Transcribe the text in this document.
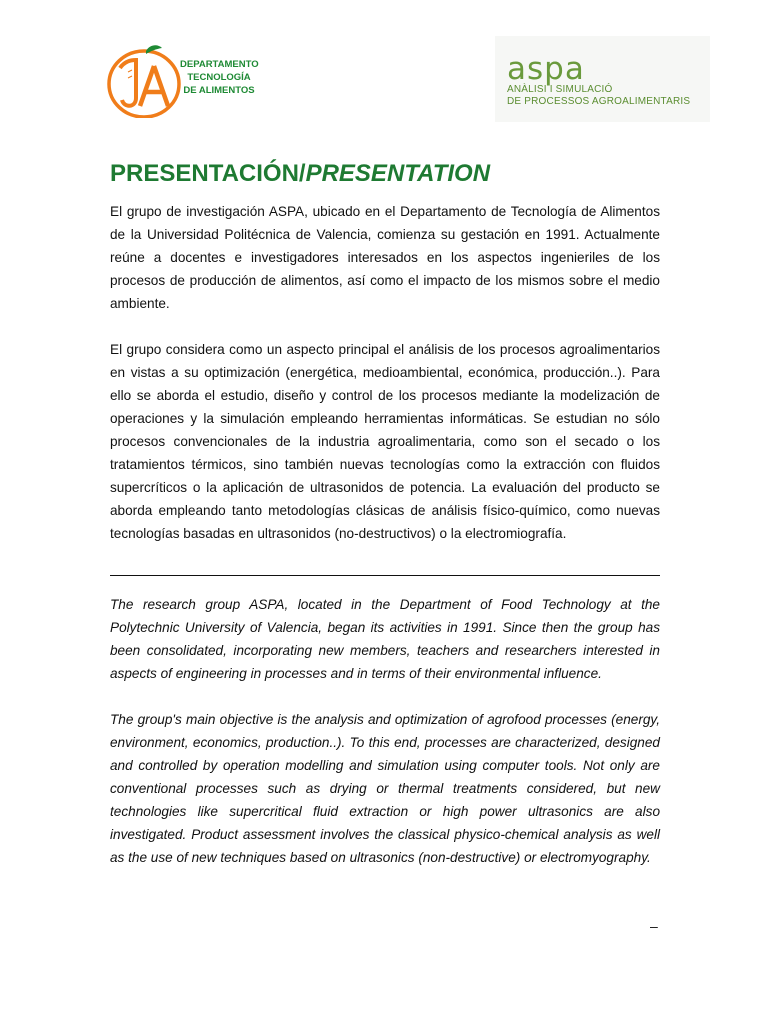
DEPARTAMENTO
TECNOLOGÍA
DE ALIMENTOS
aspa
ANÀLISI I SIMULACIÓ
DE PROCESSOS AGROALIMENTARIS
PRESENTACIÓN/PRESENTATION

El grupo de investigación ASPA, ubicado en el Departamento de Tecnología de Alimentos de la Universidad Politécnica de Valencia, comienza su gestación en 1991. Actualmente reúne a docentes e investigadores interesados en los aspectos ingenieriles de los procesos de producción de alimentos, así como el impacto de los mismos sobre el medio ambiente.

El grupo considera como un aspecto principal el análisis de los procesos agroalimentarios en vistas a su optimización (energética, medioambiental, económica, producción..). Para ello se aborda el estudio, diseño y control de los procesos mediante la modelización de operaciones y la simulación empleando herramientas informáticas. Se estudian no sólo procesos convencionales de la industria agroalimentaria, como son el secado o los tratamientos térmicos, sino también nuevas tecnologías como la extracción con fluidos supercríticos o la aplicación de ultrasonidos de potencia. La evaluación del producto se aborda empleando tanto metodologías clásicas de análisis físico-químico, como nuevas tecnologías basadas en ultrasonidos (no-destructivos) o la electromiografía.

The research group ASPA, located in the Department of Food Technology at the Polytechnic University of Valencia, began its activities in 1991. Since then the group has been consolidated, incorporating new members, teachers and researchers interested in aspects of engineering in processes and in terms of their environmental influence.

The group's main objective is the analysis and optimization of agrofood processes (energy, environment, economics, production..). To this end, processes are characterized, designed and controlled by operation modelling and simulation using computer tools. Not only are conventional processes such as drying or thermal treatments considered, but new technologies like supercritical fluid extraction or high power ultrasonics are also investigated. Product assessment involves the classical physico-chemical analysis as well as the use of new techniques based on ultrasonics (non-destructive) or electromyography.

–
